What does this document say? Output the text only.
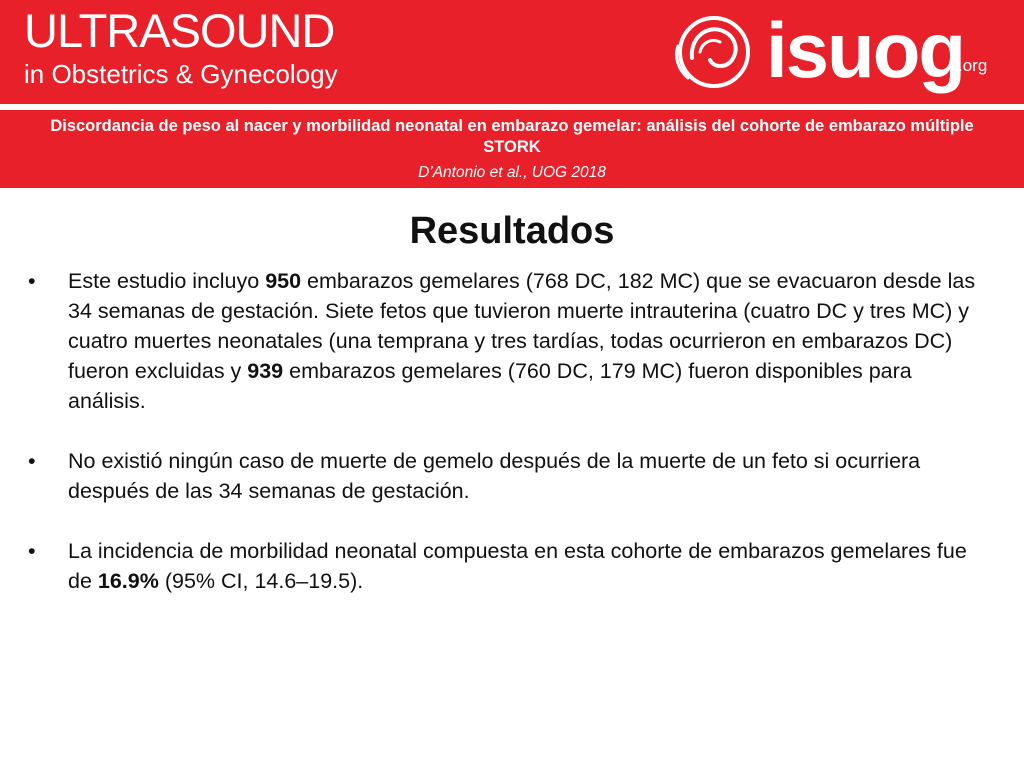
ULTRASOUND
in Obstetrics & Gynecology	isuog
.org
Discordancia de peso al nacer y morbilidad neonatal en embarazo gemelar: análisis del cohorte de embarazo múltiple STORK
D’Antonio et al., UOG 2018
Resultados
•	Este estudio incluyo 950 embarazos gemelares (768 DC, 182 MC) que se evacuaron desde las 34 semanas de gestación. Siete fetos que tuvieron muerte intrauterina (cuatro DC y tres MC) y cuatro muertes neonatales (una temprana y tres tardías, todas ocurrieron en embarazos DC) fueron excluidas y 939 embarazos gemelares (760 DC, 179 MC) fueron disponibles para análisis.
•	No existió ningún caso de muerte de gemelo después de la muerte de un feto si ocurriera después de las 34 semanas de gestación.
•	La incidencia de morbilidad neonatal compuesta en esta cohorte de embarazos gemelares fue de 16.9% (95% CI, 14.6–19.5).
